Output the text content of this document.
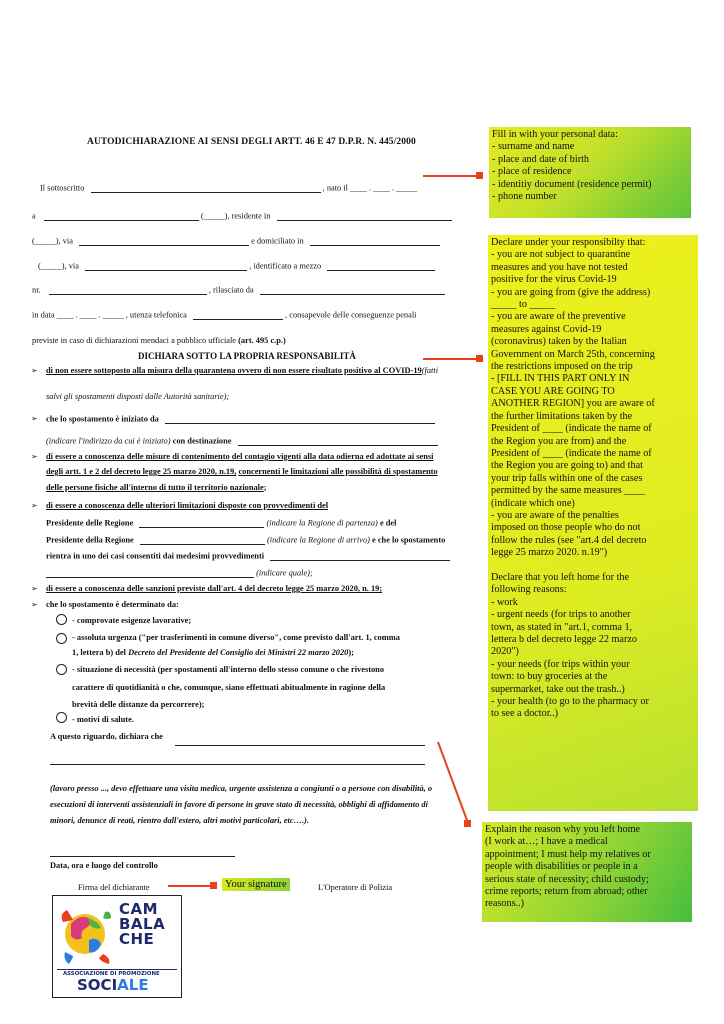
AUTODICHIARAZIONE AI SENSI DEGLI ARTT. 46 E 47 D.P.R. N. 445/2000
Il sottoscritto	, nato il ____ . ____ . _____
a	(_____), residente in
(_____), via	e domiciliato in
(_____), via	, identificato a mezzo
nr.	, rilasciato da
in data ____ . ____ . _____ , utenza telefonica	, consapevole delle conseguenze penali
previste in caso di dichiarazioni mendaci a pubblico ufficiale (art. 495 c.p.)
DICHIARA SOTTO LA PROPRIA RESPONSABILITÀ
➢ di non essere sottoposto alla misura della quarantena ovvero di non essere risultato positivo al COVID-19(fatti
salvi gli spostamenti disposti dalle Autorità sanitarie);
➢ che lo spostamento è iniziato da
(indicare l'indirizzo da cui è iniziato) con destinazione
➢ di essere a conoscenza delle misure di contenimento del contagio vigenti alla data odierna ed adottate ai sensi
degli artt. 1 e 2 del decreto legge 25 marzo 2020, n.19, concernenti le limitazioni alle possibilità di spostamento
delle persone fisiche all'interno di tutto il territorio nazionale;
➢ di essere a conoscenza delle ulteriori limitazioni disposte con provvedimenti del
Presidente delle Regione	(indicare la Regione di partenza) e del
Presidente della Regione	(indicare la Regione di arrivo) e che lo spostamento
rientra in uno dei casi consentiti dai medesimi provvedimenti
(indicare quale);
➢ di essere a conoscenza delle sanzioni previste dall'art. 4 del decreto legge 25 marzo 2020, n. 19;
➢ che lo spostamento è determinato da:
- comprovate esigenze lavorative;
- assoluta urgenza ("per trasferimenti in comune diverso", come previsto dall'art. 1, comma
1, lettera b) del Decreto del Presidente del Consiglio dei Ministri 22 marzo 2020);
- situazione di necessità (per spostamenti all'interno dello stesso comune o che rivestono
carattere di quotidianità o che, comunque, siano effettuati abitualmente in ragione della
brevità delle distanze da percorrere);
- motivi di salute.
A questo riguardo, dichiara che
(lavoro presso ..., devo effettuare una visita medica, urgente assistenza a congiunti o a persone con disabilità, o
esecuzioni di interventi assistenziali in favore di persone in grave stato di necessità, obblighi di affidamento di
minori, denunce di reati, rientro dall'estero, altri motivi particolari, etc….).
Data, ora e luogo del controllo
Firma del dichiarante	L'Operatore di Polizia
Fill in with your personal data:
- surname and name
- place and date of birth
- place of residence
- identitiy document (residence permit)
- phone number
Declare under your responsibilty that:
- you are not subject to quarantine
measures and you have not tested
positive for the virus Covid-19
- you are going from (give the address)
_____ to _____
- you are aware of the preventive
measures against Covid-19
(coronavirus) taken by the Italian
Government on March 25th, concerning
the restrictions imposed on the trip
- [FILL IN THIS PART ONLY IN
CASE YOU ARE GOING TO
ANOTHER REGION] you are aware of
the further limitations taken by the
President of ____ (indicate the name of
the Region you are from) and the
President of ____ (indicate the name of
the Region you are going to) and that
your trip falls within one of the cases
permitted by the same measures ____
(indicate which one)
- you are aware of the penalties
imposed on those people who do not
follow the rules (see "art.4 del decreto
legge 25 marzo 2020. n.19")

Declare that you left home for the
following reasons:
- work
- urgent needs (for trips to another
town, as stated in "art.1, comma 1,
lettera b del decreto legge 22 marzo
2020")
- your needs (for trips within your
town: to buy groceries at the
supermarket, take out the trash..)
- your health (to go to the pharmacy or
to see a doctor..)
Explain the reason why you left home
(I work at…; I have a medical
appointment; I must help my relatives or
people with disabilities or people in a
serious state of necessity; child custody;
crime reports; return from abroad; other
reasons..)
Your signature
CAM
BALA
CHE
ASSOCIAZIONE DI PROMOZIONE
SOCIALE
